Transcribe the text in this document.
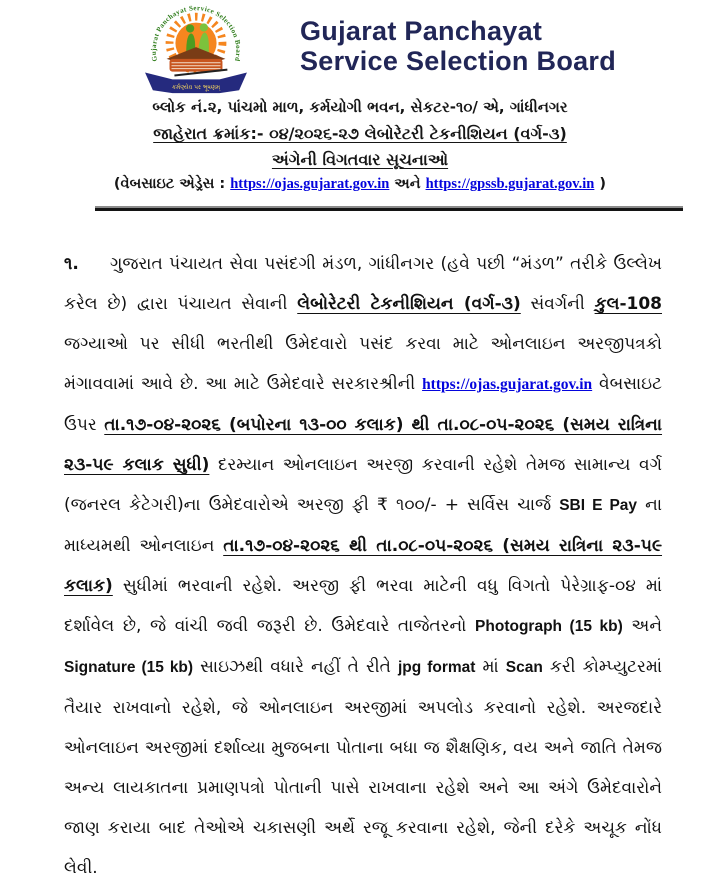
Gujarat Panchayat Service Selection Board
કર્મણ્યેવ પર ભૂષણમ્
Gujarat Panchayat
Service Selection Board
બ્લોક નં.૨, પાંચમો માળ, કર્મયોગી ભવન, સેકટર-૧૦/ એ, ગાંધીનગર
જાહેરાત ક્રમાંક:- ૦૪/૨૦૨૬-૨૭ લેબોરેટરી ટેકનીશિયન (વર્ગ-૩)
અંગેની વિગતવાર સૂચનાઓ
(વેબસાઇટ એડ્રેસ : https://ojas.gujarat.gov.in અને https://gpssb.gujarat.gov.in )
૧. ગુજરાત પંચાયત સેવા પસંદગી મંડળ, ગાંધીનગર (હવે પછી “મંડળ” તરીકે ઉલ્લેખ કરેલ છે) દ્વારા પંચાયત સેવાની લેબોરેટરી ટેકનીશિયન (વર્ગ-૩) સંવર્ગની કુલ-108 જગ્યાઓ પર સીધી ભરતીથી ઉમેદવારો પસંદ કરવા માટે ઓનલાઇન અરજીપત્રકો મંગાવવામાં આવે છે. આ માટે ઉમેદવારે સરકારશ્રીની https://ojas.gujarat.gov.in વેબસાઇટ ઉપર તા.૧૭-૦૪-૨૦૨૬ (બપોરના ૧૩-૦૦ કલાક) થી તા.૦૮-૦૫-૨૦૨૬ (સમય રાત્રિના ૨૩-૫૯ કલાક સુધી) દરમ્યાન ઓનલાઇન અરજી કરવાની રહેશે તેમજ સામાન્ય વર્ગ (જનરલ કેટેગરી)ના ઉમેદવારોએ અરજી ફી ₹ ૧૦૦/- + સર્વિસ ચાર્જ SBI E Pay ના માધ્યમથી ઓનલાઇન તા.૧૭-૦૪-૨૦૨૬ થી તા.૦૮-૦૫-૨૦૨૬ (સમય રાત્રિના ૨૩-૫૯ કલાક) સુધીમાં ભરવાની રહેશે. અરજી ફી ભરવા માટેની વધુ વિગતો પેરેગ્રાફ-૦૪ માં દર્શાવેલ છે, જે વાંચી જવી જરૂરી છે. ઉમેદવારે તાજેતરનો Photograph (15 kb) અને Signature (15 kb) સાઇઝથી વધારે નહીં તે રીતે jpg format માં Scan કરી કોમ્પ્યુટરમાં તૈયાર રાખવાનો રહેશે, જે ઓનલાઇન અરજીમાં અપલોડ કરવાનો રહેશે. અરજદારે ઓનલાઇન અરજીમાં દર્શાવ્યા મુજબના પોતાના બધા જ શૈક્ષણિક, વય અને જાતિ તેમજ અન્ય લાયકાતના પ્રમાણપત્રો પોતાની પાસે રાખવાના રહેશે અને આ અંગે ઉમેદવારોને જાણ કરાયા બાદ તેઓએ ચકાસણી અર્થે રજૂ કરવાના રહેશે, જેની દરેકે અચૂક નોંધ લેવી.
